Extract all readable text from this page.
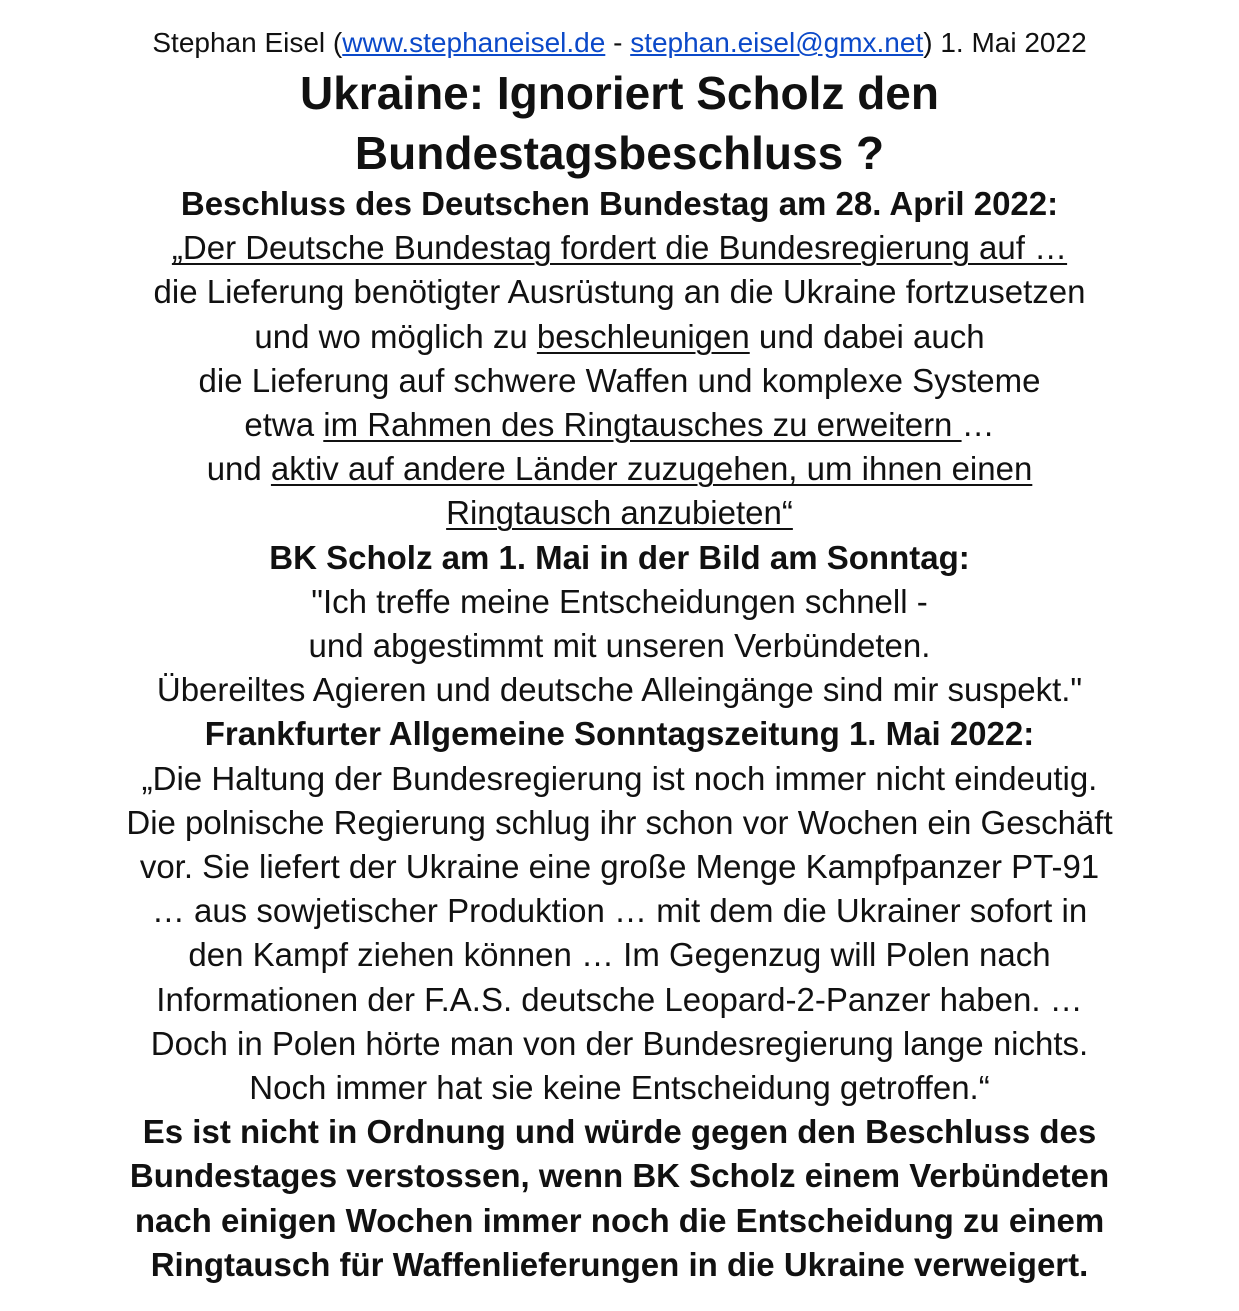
Stephan Eisel (www.stephaneisel.de - stephan.eisel@gmx.net) 1. Mai 2022
Ukraine: Ignoriert Scholz den
Bundestagsbeschluss ?
Beschluss des Deutschen Bundestag am 28. April 2022:
„Der Deutsche Bundestag fordert die Bundesregierung auf …
die Lieferung benötigter Ausrüstung an die Ukraine fortzusetzen
und wo möglich zu beschleunigen und dabei auch
die Lieferung auf schwere Waffen und komplexe Systeme
etwa im Rahmen des Ringtausches zu erweitern …
und aktiv auf andere Länder zuzugehen, um ihnen einen
Ringtausch anzubieten“
BK Scholz am 1. Mai in der Bild am Sonntag:
"Ich treffe meine Entscheidungen schnell -
und abgestimmt mit unseren Verbündeten.
Übereiltes Agieren und deutsche Alleingänge sind mir suspekt."
Frankfurter Allgemeine Sonntagszeitung 1. Mai 2022:
„Die Haltung der Bundesregierung ist noch immer nicht eindeutig.
Die polnische Regierung schlug ihr schon vor Wochen ein Geschäft
vor. Sie liefert der Ukraine eine große Menge Kampfpanzer PT-91
… aus sowjetischer Produktion … mit dem die Ukrainer sofort in
den Kampf ziehen können … Im Gegenzug will Polen nach
Informationen der F.A.S. deutsche Leopard-2-Panzer haben. …
Doch in Polen hörte man von der Bundesregierung lange nichts.
Noch immer hat sie keine Entscheidung getroffen.“
Es ist nicht in Ordnung und würde gegen den Beschluss des
Bundestages verstossen, wenn BK Scholz einem Verbündeten
nach einigen Wochen immer noch die Entscheidung zu einem
Ringtausch für Waffenlieferungen in die Ukraine verweigert.
